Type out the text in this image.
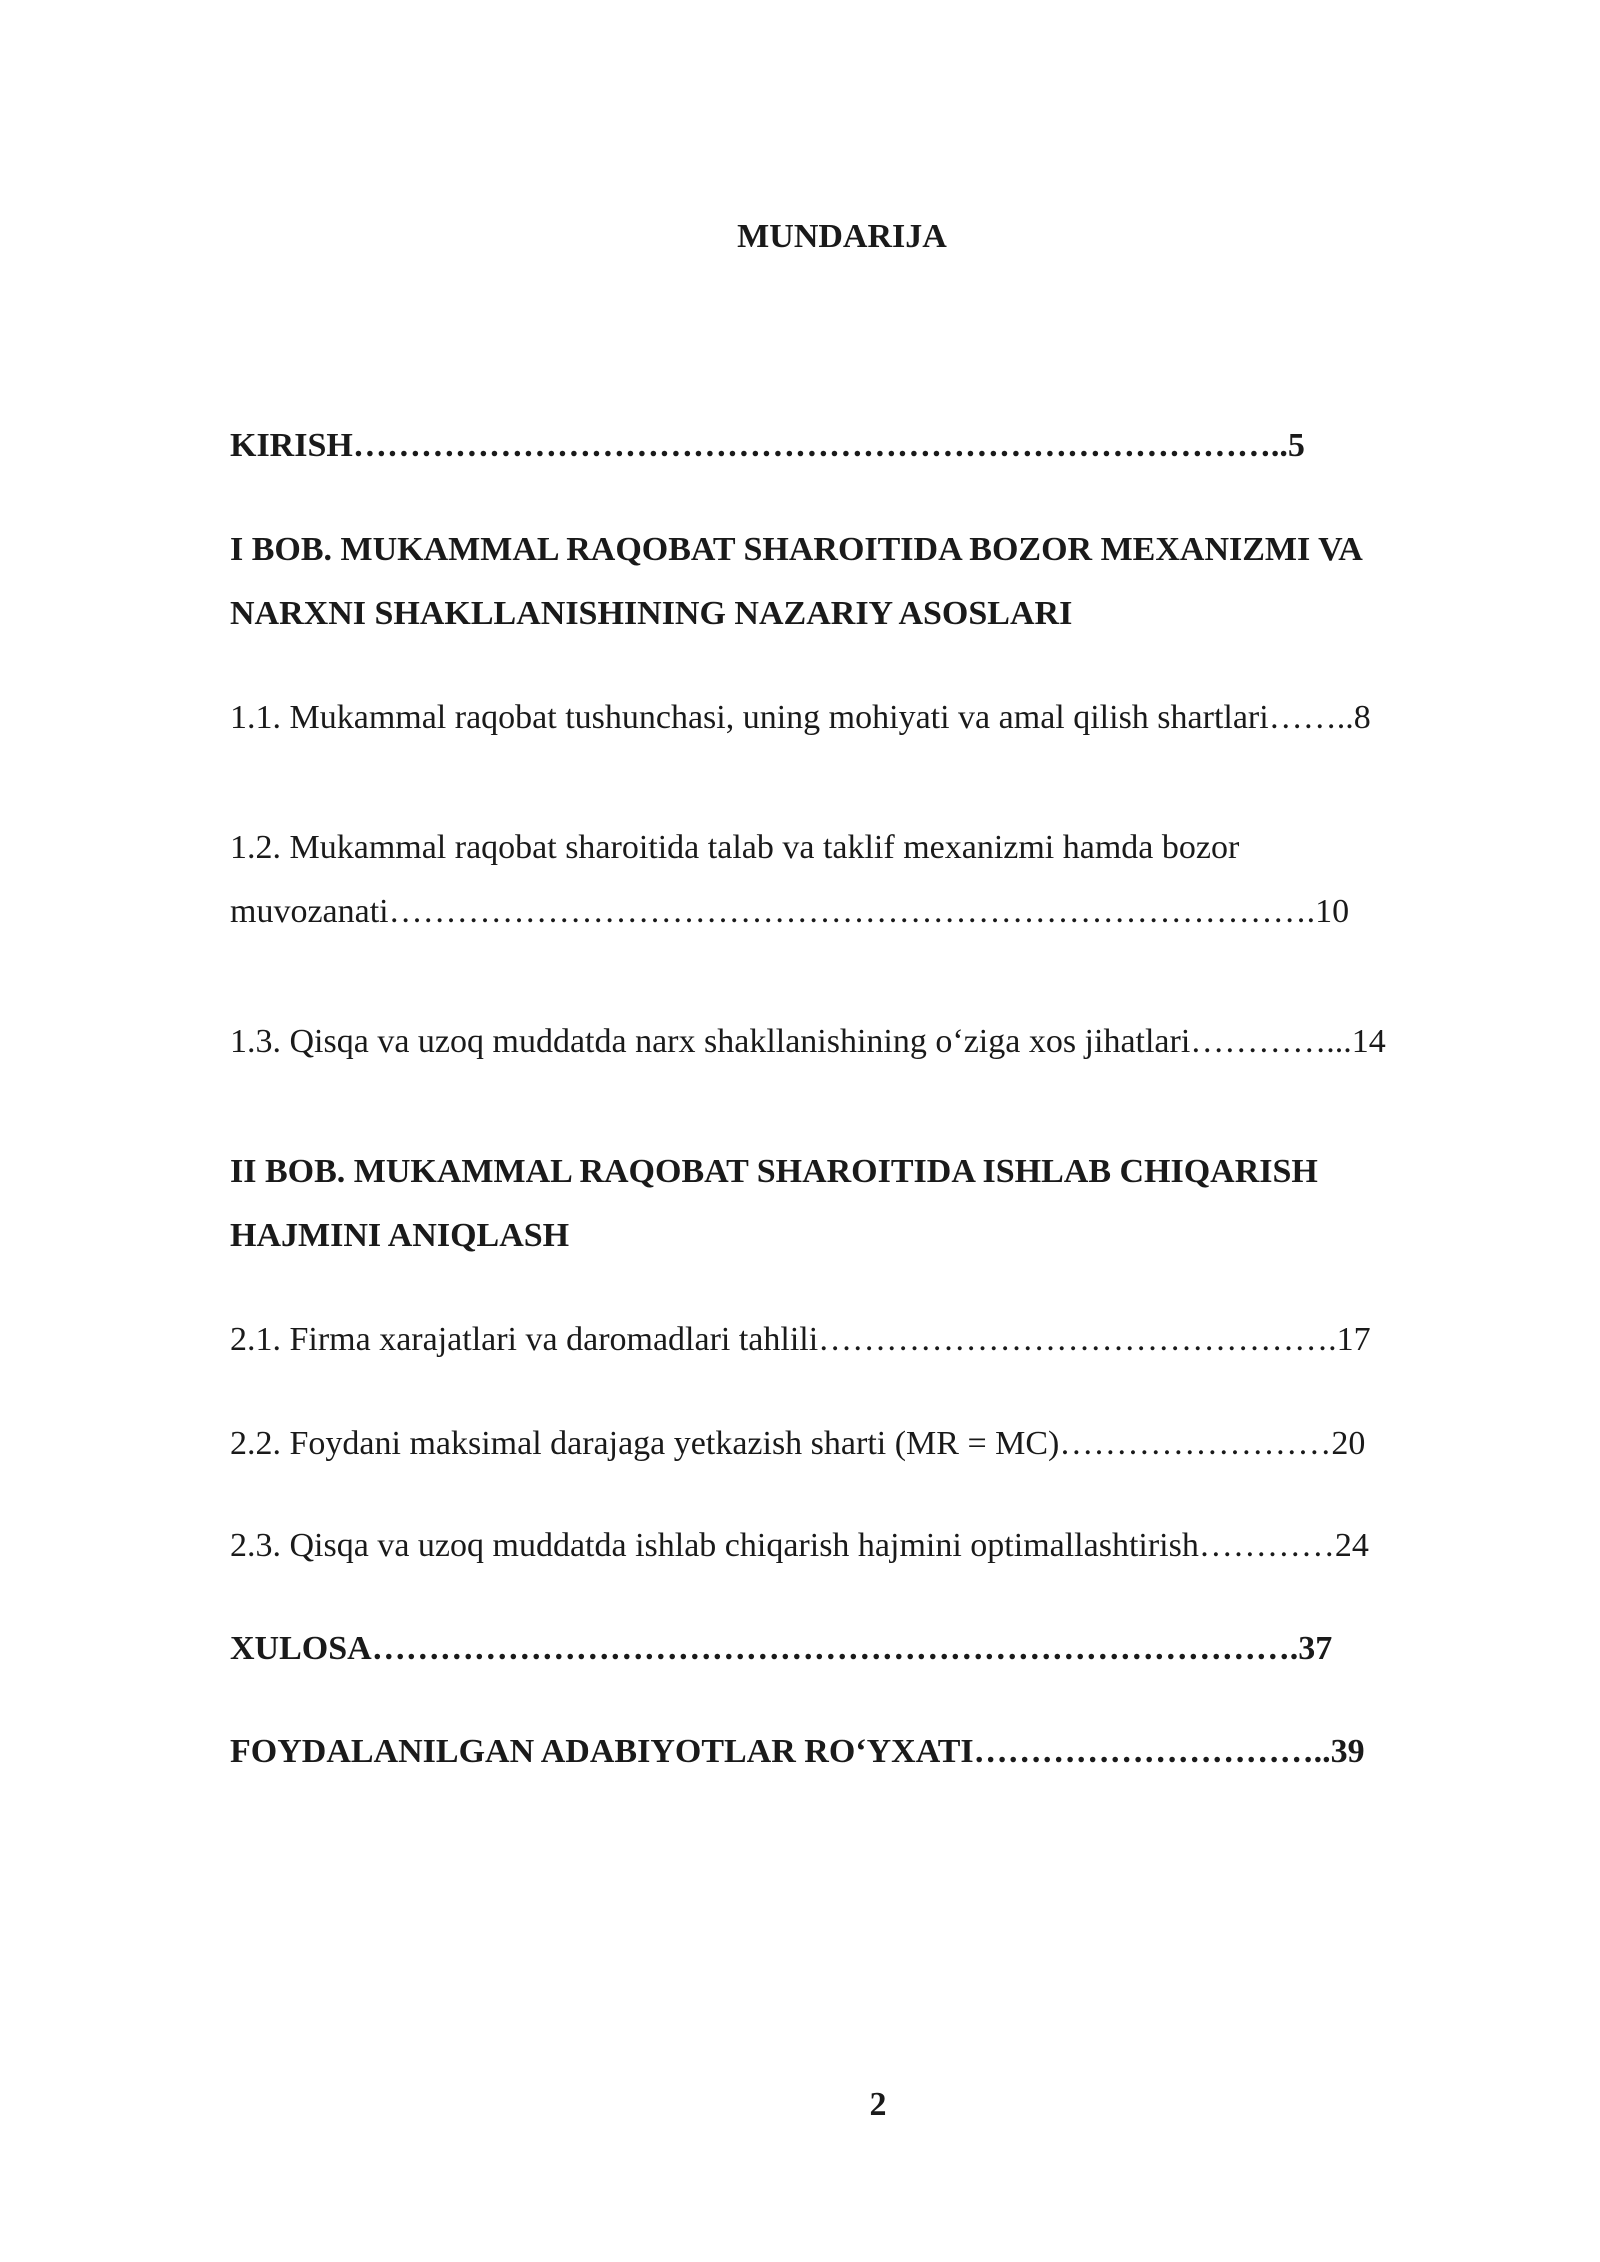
MUNDARIJA
KIRISH………………………………………………………………………..5
I BOB. MUKAMMAL RAQOBAT SHAROITIDA BOZOR MEXANIZMI VA
NARXNI SHAKLLANISHINING NAZARIY ASOSLARI
1.1. Mukammal raqobat tushunchasi, uning mohiyati va amal qilish shartlari……..8
1.2. Mukammal raqobat sharoitida talab va taklif mexanizmi hamda bozor
muvozanati……………………………………………………………………….10
1.3. Qisqa va uzoq muddatda narx shakllanishining o‘ziga xos jihatlari…………...14
II BOB. MUKAMMAL RAQOBAT SHAROITIDA ISHLAB CHIQARISH
HAJMINI ANIQLASH
2.1. Firma xarajatlari va daromadlari tahlili……………………………………….17
2.2. Foydani maksimal darajaga yetkazish sharti (MR = MC)……………………20
2.3. Qisqa va uzoq muddatda ishlab chiqarish hajmini optimallashtirish…………24
XULOSA……………………………………………………………………….37
FOYDALANILGAN ADABIYOTLAR RO‘YXATI…………………………..39
2
